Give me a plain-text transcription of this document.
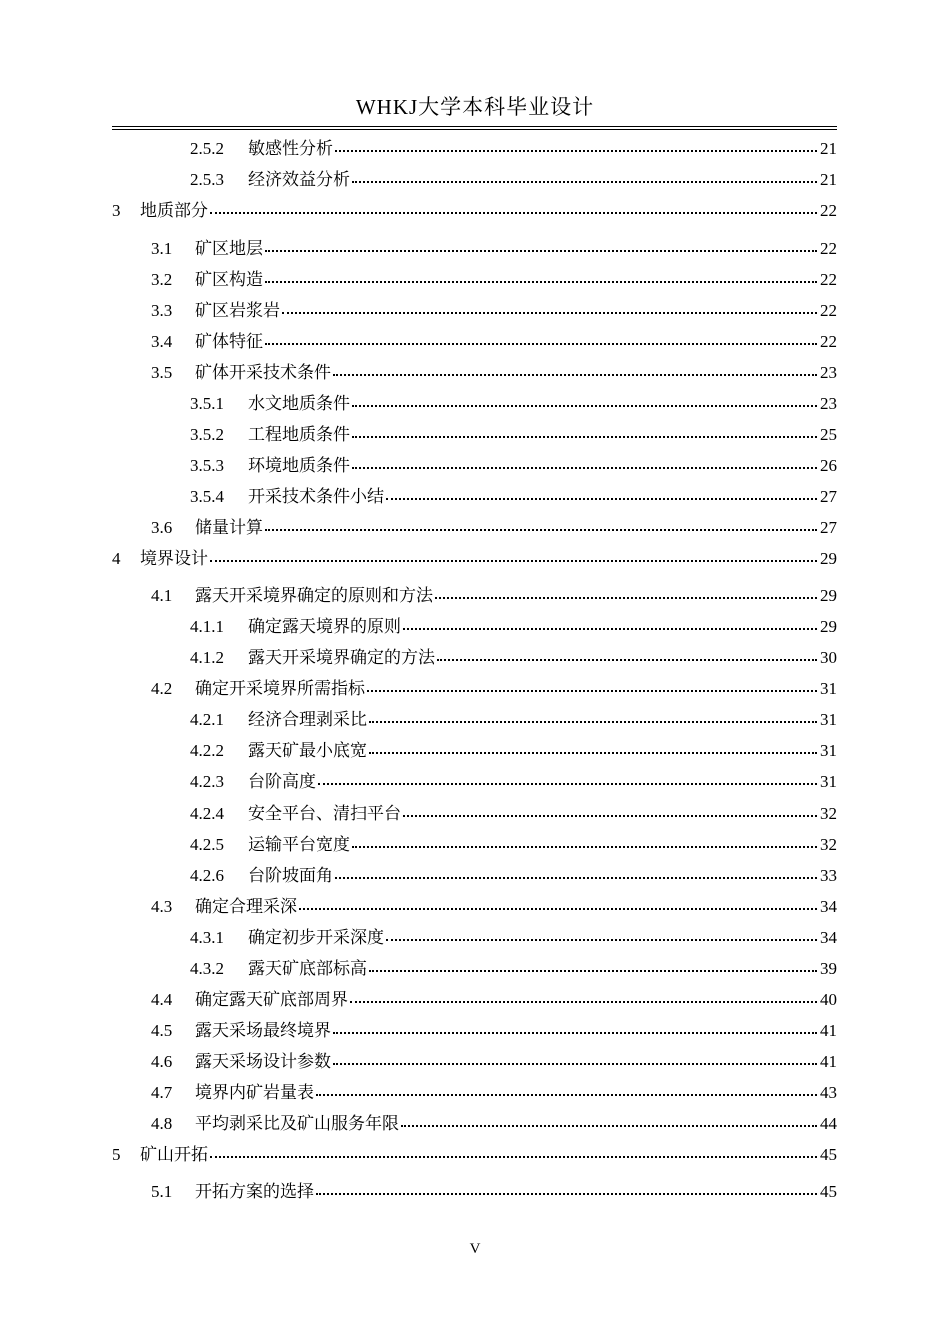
WHKJ大学本科毕业设计
2.5.2	敏感性分析	21
2.5.3	经济效益分析	21
3	地质部分	22
3.1	矿区地层	22
3.2	矿区构造	22
3.3	矿区岩浆岩	22
3.4	矿体特征	22
3.5	矿体开采技术条件	23
3.5.1	水文地质条件	23
3.5.2	工程地质条件	25
3.5.3	环境地质条件	26
3.5.4	开采技术条件小结	27
3.6	储量计算	27
4	境界设计	29
4.1	露天开采境界确定的原则和方法	29
4.1.1	确定露天境界的原则	29
4.1.2	露天开采境界确定的方法	30
4.2	确定开采境界所需指标	31
4.2.1	经济合理剥采比	31
4.2.2	露天矿最小底宽	31
4.2.3	台阶高度	31
4.2.4	安全平台、清扫平台	32
4.2.5	运输平台宽度	32
4.2.6	台阶坡面角	33
4.3	确定合理采深	34
4.3.1	确定初步开采深度	34
4.3.2	露天矿底部标高	39
4.4	确定露天矿底部周界	40
4.5	露天采场最终境界	41
4.6	露天采场设计参数	41
4.7	境界内矿岩量表	43
4.8	平均剥采比及矿山服务年限	44
5	矿山开拓	45
5.1	开拓方案的选择	45
V
